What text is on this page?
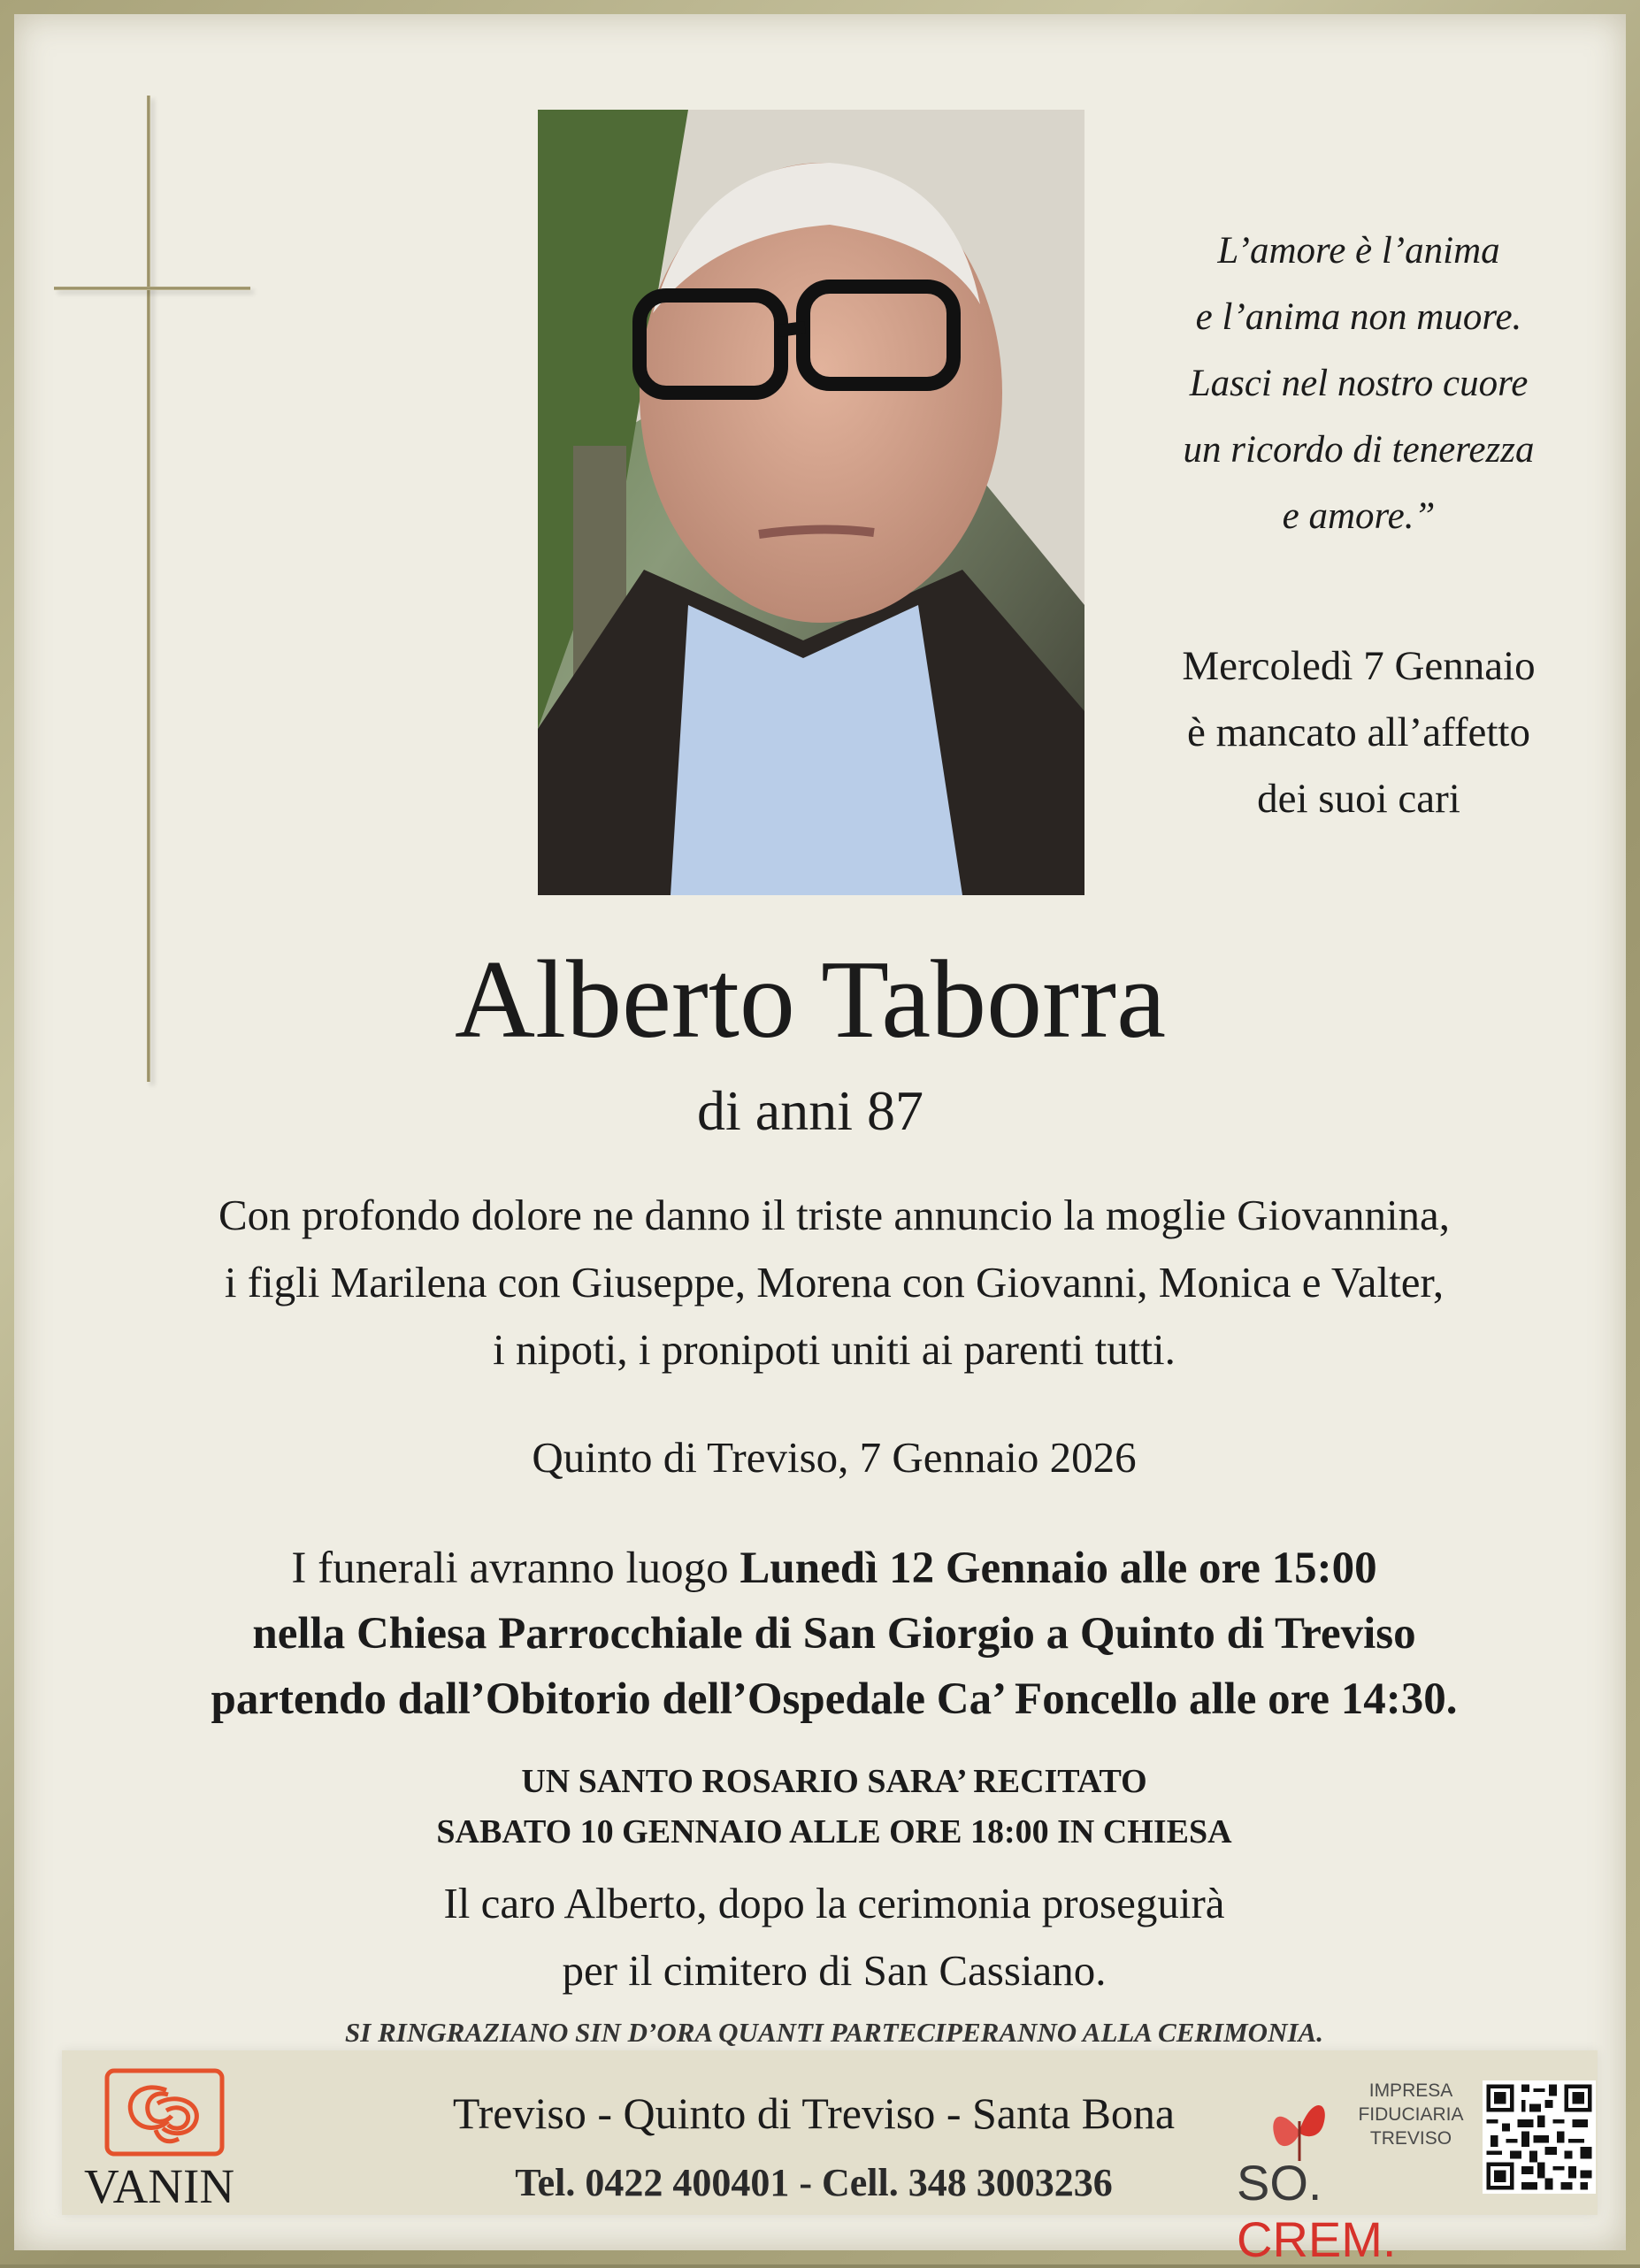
L’amore è l’anima
e l’anima non muore.
Lasci nel nostro cuore
un ricordo di tenerezza
e amore.”
Mercoledì 7 Gennaio
è mancato all’affetto
dei suoi cari
Alberto Taborra
di anni 87
Con profondo dolore ne danno il triste annuncio la moglie Giovannina,
i figli Marilena con Giuseppe, Morena con Giovanni, Monica e Valter,
i nipoti, i pronipoti uniti ai parenti tutti.
Quinto di Treviso, 7 Gennaio 2026
I funerali avranno luogo Lunedì 12 Gennaio alle ore 15:00
nella Chiesa Parrocchiale di San Giorgio a Quinto di Treviso
partendo dall’Obitorio dell’Ospedale Ca’ Foncello alle ore 14:30.
UN SANTO ROSARIO SARA’ RECITATO
SABATO 10 GENNAIO ALLE ORE 18:00 IN CHIESA
Il caro Alberto, dopo la cerimonia proseguirà
per il cimitero di San Cassiano.
SI RINGRAZIANO SIN D’ORA QUANTI PARTECIPERANNO ALLA CERIMONIA.
VANIN
Treviso - Quinto di Treviso - Santa Bona
Tel. 0422 400401 - Cell. 348 3003236
IMPRESA
FIDUCIARIA
TREVISO
SO. CREM.
